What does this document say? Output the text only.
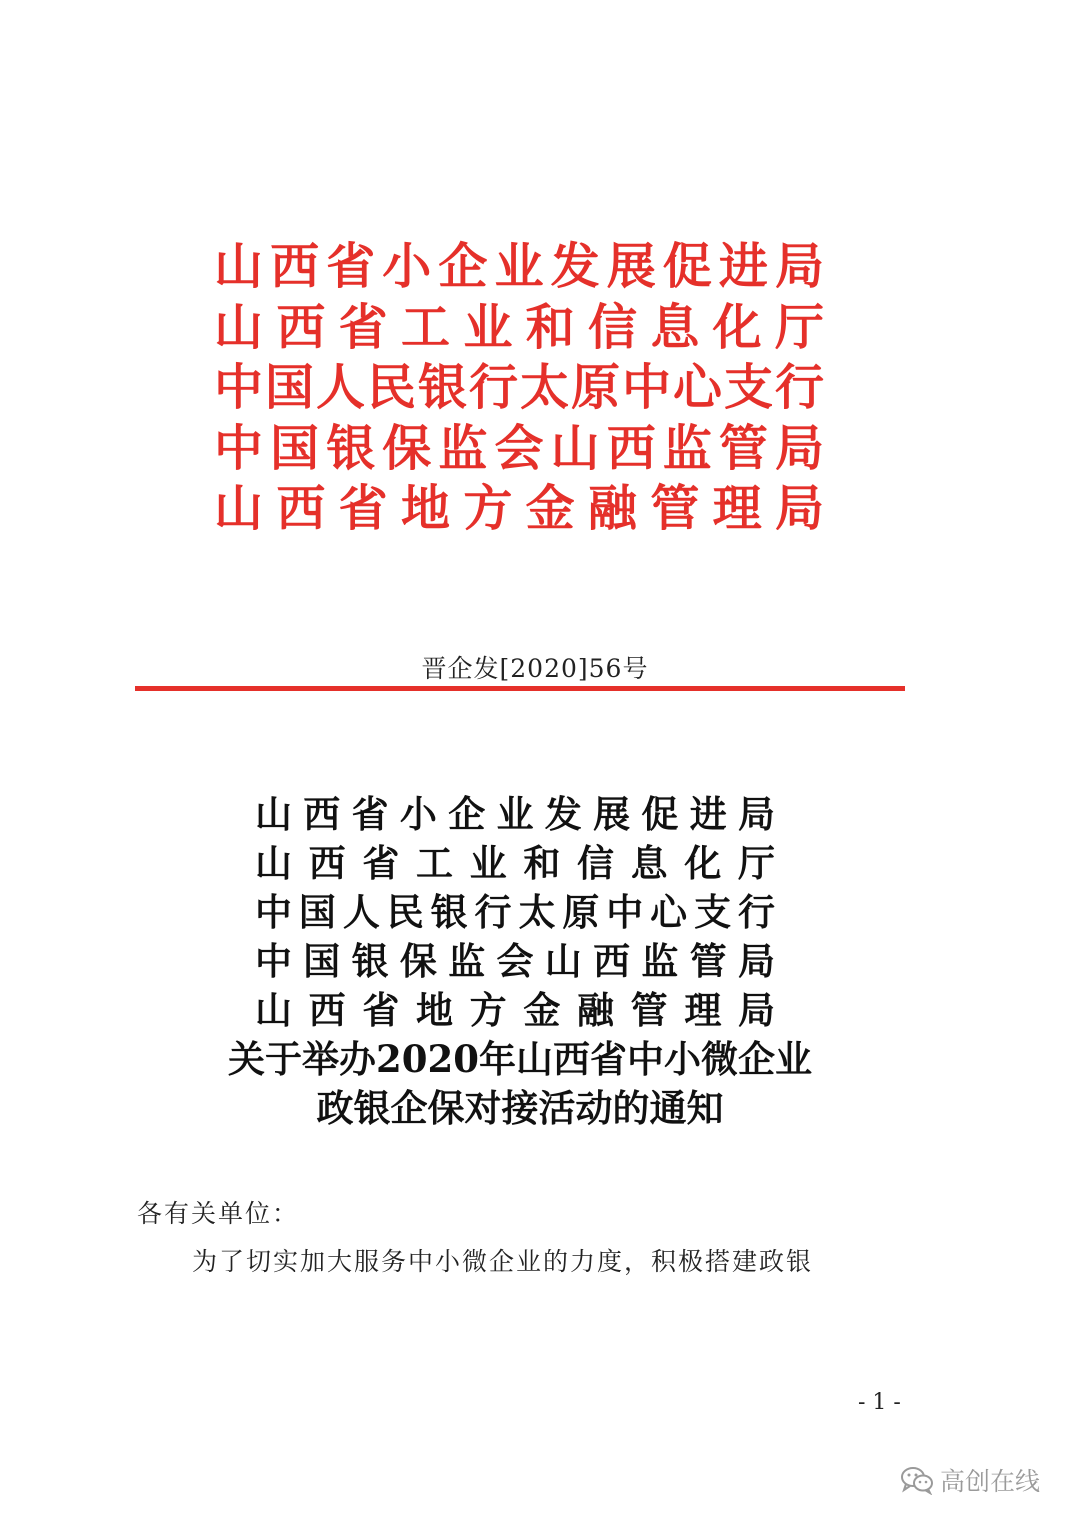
山西省小企业发展促进局
山西省工业和信息化厅
中国人民银行太原中心支行
中国银保监会山西监管局
山西省地方金融管理局
晋企发[2020]56号
山西省小企业发展促进局
山西省工业和信息化厅
中国人民银行太原中心支行
中国银保监会山西监管局
山西省地方金融管理局
关于举办2020年山西省中小微企业
政银企保对接活动的通知
各有关单位：
为了切实加大服务中小微企业的力度，积极搭建政银
- 1 -
高创在线
